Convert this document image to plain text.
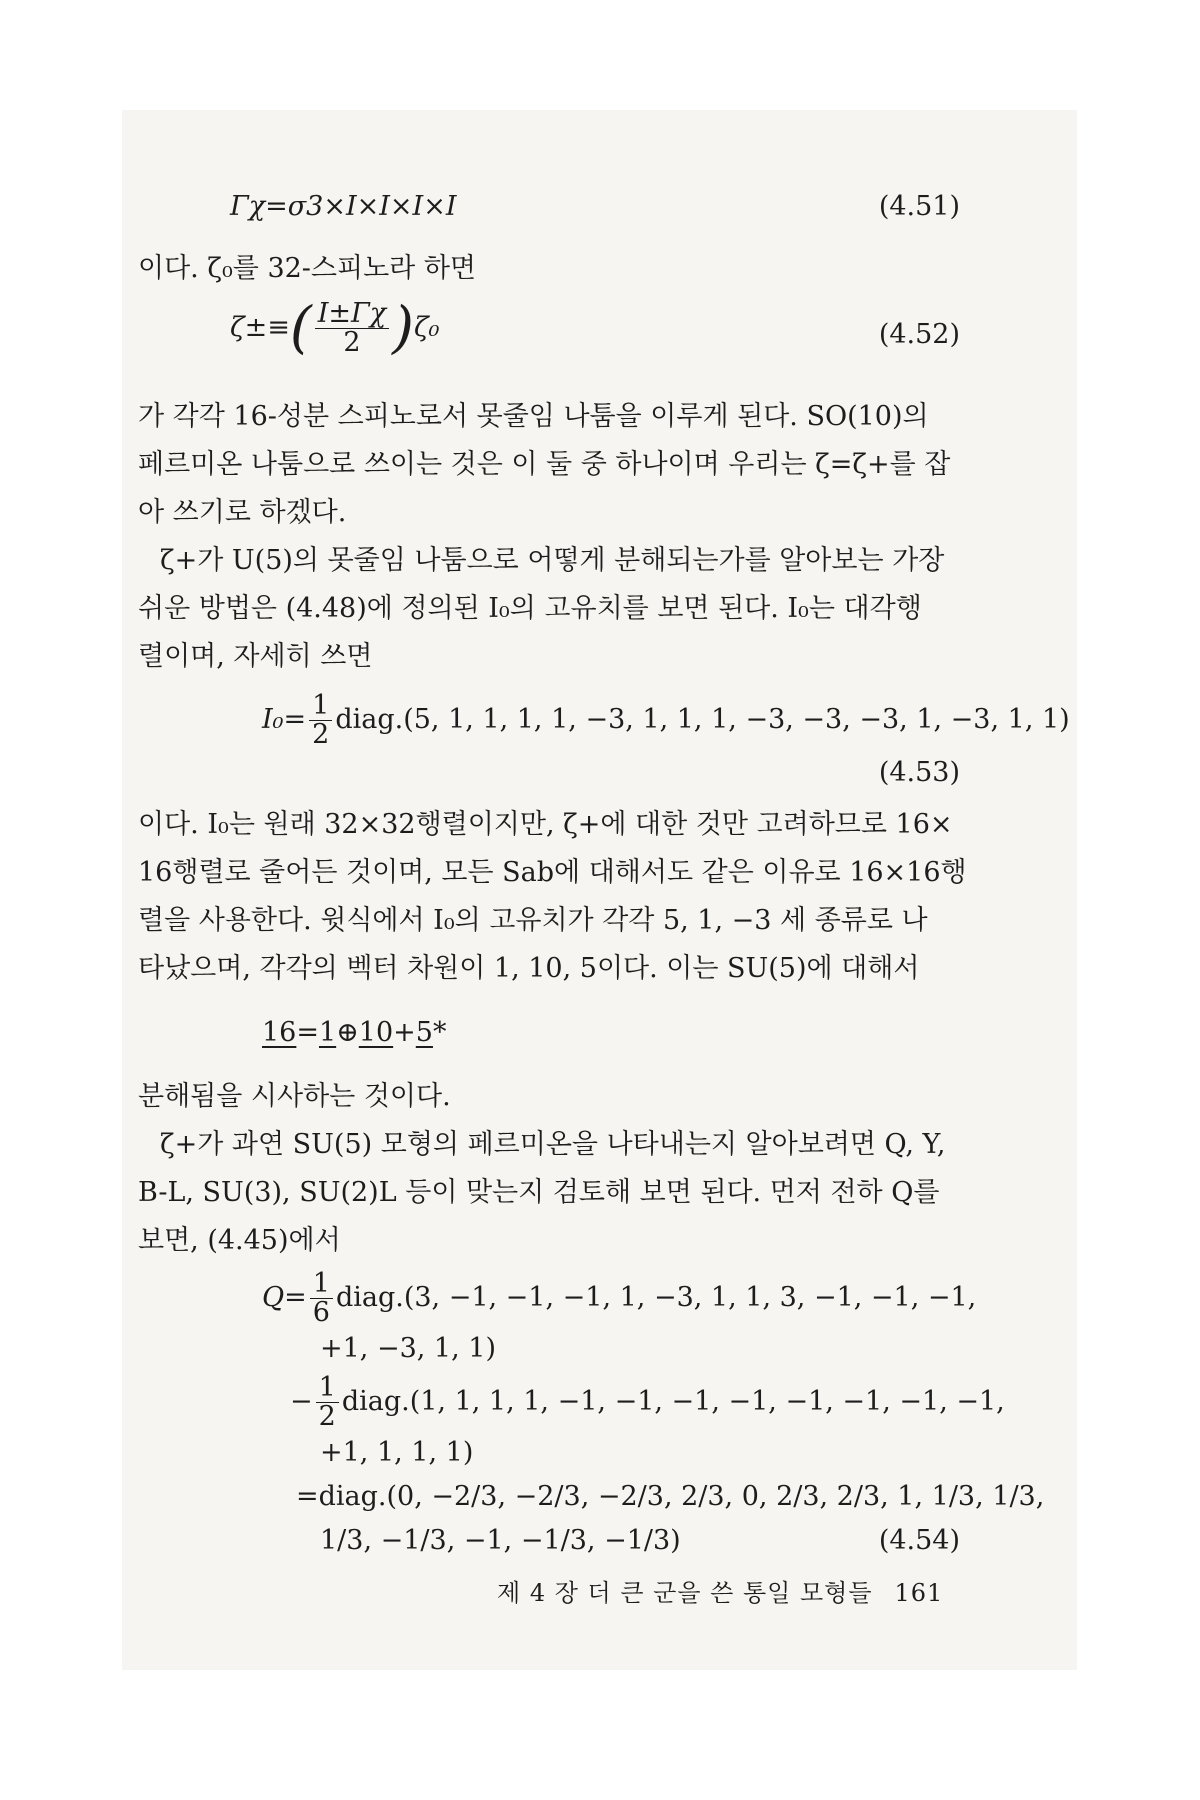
Γχ=σ3×I×I×I×I	(4.51)
이다. ζ₀를 32-스피노라 하면
$\zeta\pm\equiv( \frac{I\pm\Gamma\chi}{2} )\zeta_0$	(4.52)
가 각각 16-성분 스피노로서 못줄임 나툼을 이루게 된다. SO(10)의
페르미온 나툼으로 쓰이는 것은 이 둘 중 하나이며 우리는 ζ=ζ+를 잡
아 쓰기로 하겠다.
ζ+가 U(5)의 못줄임 나툼으로 어떻게 분해되는가를 알아보는 가장
쉬운 방법은 (4.48)에 정의된 I₀의 고유치를 보면 된다. I₀는 대각행
렬이며, 자세히 쓰면
$I_0= \frac{1}{2}$ diag.(5, 1, 1, 1, 1, −3, 1, 1, 1, −3, −3, −3, 1, −3, 1, 1)
(4.53)
이다. I₀는 원래 32×32행렬이지만, ζ+에 대한 것만 고려하므로 16×
16행렬로 줄어든 것이며, 모든 Sab에 대해서도 같은 이유로 16×16행
렬을 사용한다. 윗식에서 I₀의 고유치가 각각 5, 1, −3 세 종류로 나
타났으며, 각각의 벡터 차원이 1, 10, 5이다. 이는 SU(5)에 대해서
16=1⊕10+5*
분해됨을 시사하는 것이다.
ζ+가 과연 SU(5) 모형의 페르미온을 나타내는지 알아보려면 Q, Y,
B-L, SU(3), SU(2)L 등이 맞는지 검토해 보면 된다. 먼저 전하 Q를
보면, (4.45)에서
$Q= \frac{1}{6}$ diag.(3, −1, −1, −1, 1, −3, 1, 1, 3, −1, −1, −1,
+1, −3, 1, 1)
− $\frac{1}{2}$ diag.(1, 1, 1, 1, −1, −1, −1, −1, −1, −1, −1, −1,
+1, 1, 1, 1)
=diag.(0, −2/3, −2/3, −2/3, 2/3, 0, 2/3, 2/3, 1, 1/3, 1/3,
1/3, −1/3, −1, −1/3, −1/3)	(4.54)
제 4 장 더 큰 군을 쓴 통일 모형들 161
